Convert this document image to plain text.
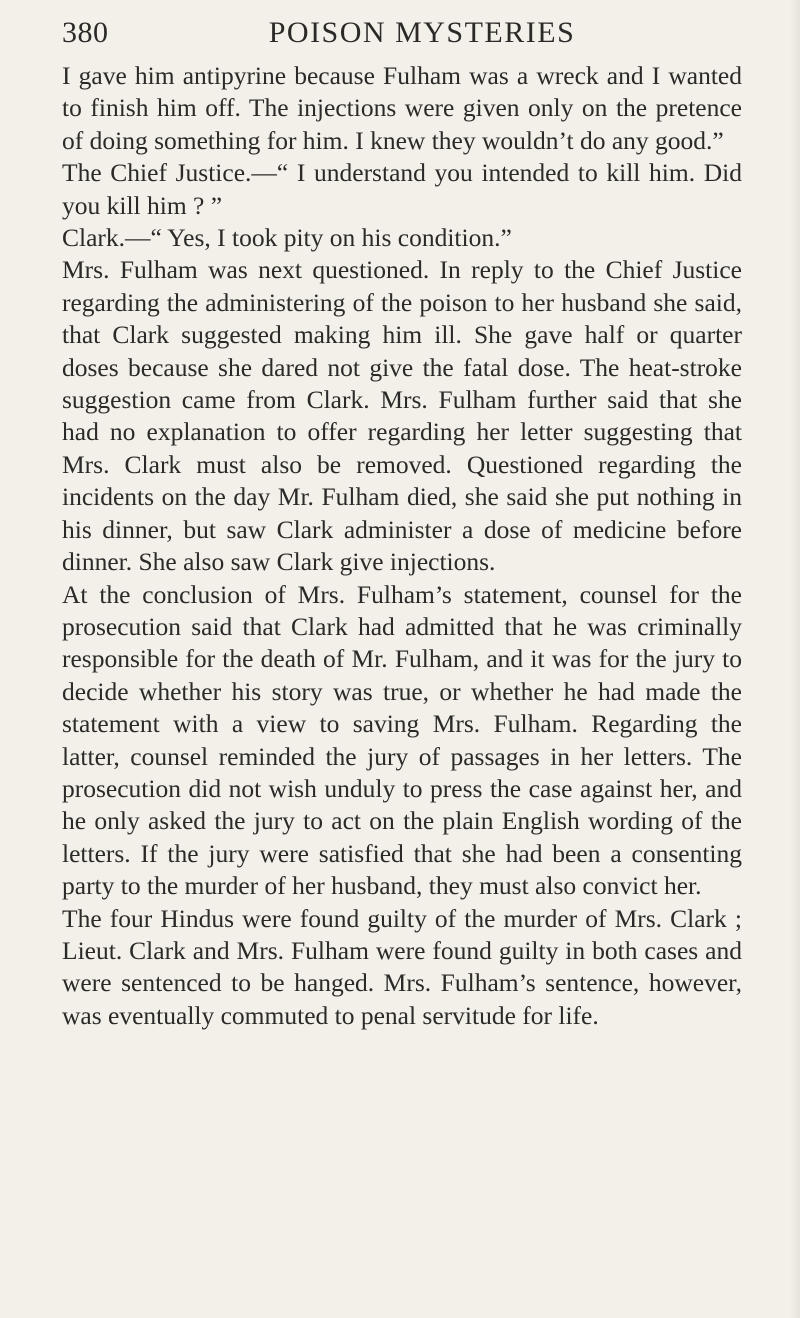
380	POISON MYSTERIES

I gave him antipyrine because Fulham was a wreck and I wanted to finish him off. The injections were given only on the pretence of doing something for him. I knew they wouldn’t do any good.”

The Chief Justice.—“ I understand you intended to kill him. Did you kill him ? ”

Clark.—“ Yes, I took pity on his condition.”

Mrs. Fulham was next questioned. In reply to the Chief Justice regarding the administering of the poison to her husband she said, that Clark suggested making him ill. She gave half or quarter doses because she dared not give the fatal dose. The heat-stroke suggestion came from Clark. Mrs. Fulham further said that she had no explanation to offer regarding her letter suggesting that Mrs. Clark must also be removed. Questioned regarding the incidents on the day Mr. Fulham died, she said she put nothing in his dinner, but saw Clark administer a dose of medicine before dinner. She also saw Clark give injections.

At the conclusion of Mrs. Fulham’s statement, counsel for the prosecution said that Clark had admitted that he was criminally responsible for the death of Mr. Fulham, and it was for the jury to decide whether his story was true, or whether he had made the statement with a view to saving Mrs. Fulham. Regarding the latter, counsel reminded the jury of passages in her letters. The prosecution did not wish unduly to press the case against her, and he only asked the jury to act on the plain English wording of the letters. If the jury were satisfied that she had been a consenting party to the murder of her husband, they must also convict her.

The four Hindus were found guilty of the murder of Mrs. Clark ; Lieut. Clark and Mrs. Fulham were found guilty in both cases and were sentenced to be hanged. Mrs. Fulham’s sentence, however, was eventually commuted to penal servitude for life.
